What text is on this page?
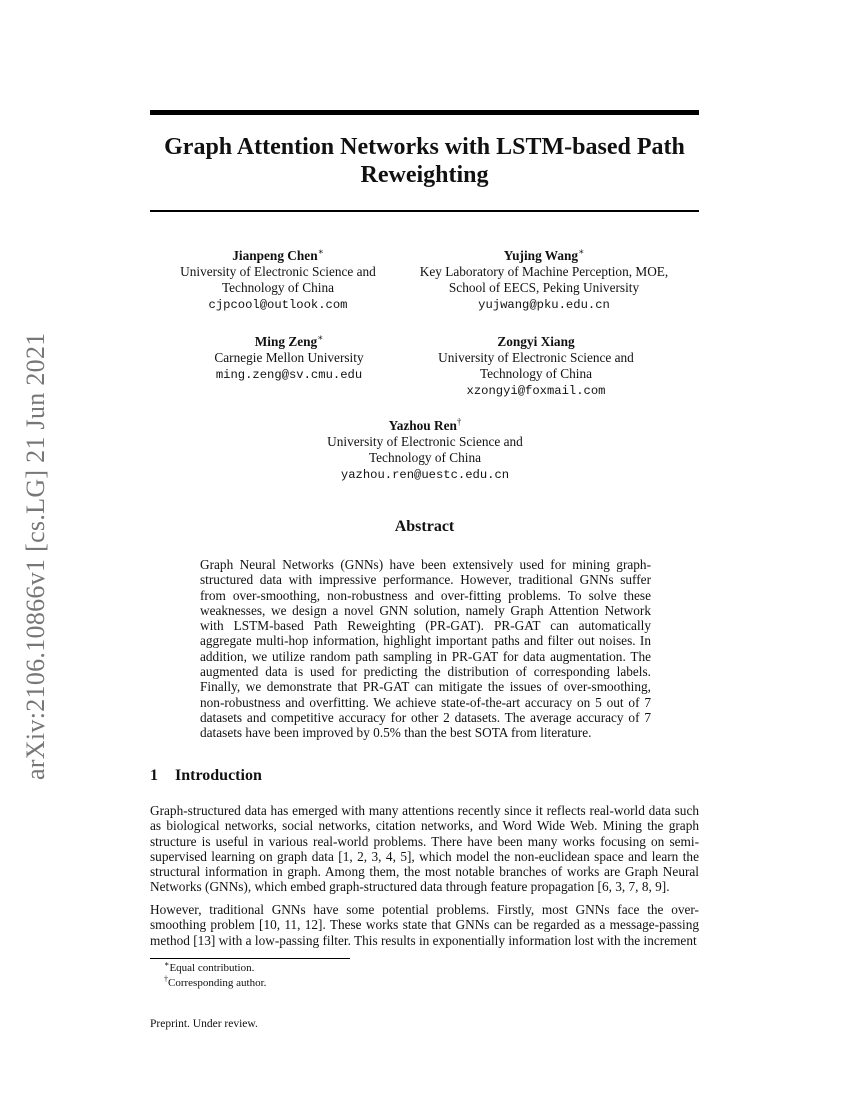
arXiv:2106.10866v1 [cs.LG] 21 Jun 2021
Graph Attention Networks with LSTM-based Path Reweighting
Jianpeng Chen∗
University of Electronic Science and
Technology of China
cjpcool@outlook.com
Yujing Wang∗
Key Laboratory of Machine Perception, MOE,
School of EECS, Peking University
yujwang@pku.edu.cn
Ming Zeng∗
Carnegie Mellon University
ming.zeng@sv.cmu.edu
Zongyi Xiang
University of Electronic Science and
Technology of China
xzongyi@foxmail.com
Yazhou Ren†
University of Electronic Science and
Technology of China
yazhou.ren@uestc.edu.cn
Abstract

Graph Neural Networks (GNNs) have been extensively used for mining graph-structured data with impressive performance. However, traditional GNNs suffer from over-smoothing, non-robustness and over-fitting problems. To solve these weaknesses, we design a novel GNN solution, namely Graph Attention Network with LSTM-based Path Reweighting (PR-GAT). PR-GAT can automatically aggregate multi-hop information, highlight important paths and filter out noises. In addition, we utilize random path sampling in PR-GAT for data augmentation. The augmented data is used for predicting the distribution of corresponding labels. Finally, we demonstrate that PR-GAT can mitigate the issues of over-smoothing, non-robustness and overfitting. We achieve state-of-the-art accuracy on 5 out of 7 datasets and competitive accuracy for other 2 datasets. The average accuracy of 7 datasets have been improved by 0.5% than the best SOTA from literature.

1 Introduction

Graph-structured data has emerged with many attentions recently since it reflects real-world data such as biological networks, social networks, citation networks, and Word Wide Web. Mining the graph structure is useful in various real-world problems. There have been many works focusing on semi-supervised learning on graph data [1, 2, 3, 4, 5], which model the non-euclidean space and learn the structural information in graph. Among them, the most notable branches of works are Graph Neural Networks (GNNs), which embed graph-structured data through feature propagation [6, 3, 7, 8, 9].

However, traditional GNNs have some potential problems. Firstly, most GNNs face the over-smoothing problem [10, 11, 12]. These works state that GNNs can be regarded as a message-passing method [13] with a low-passing filter. This results in exponentially information lost with the increment

∗Equal contribution.
†Corresponding author.
Preprint. Under review.
